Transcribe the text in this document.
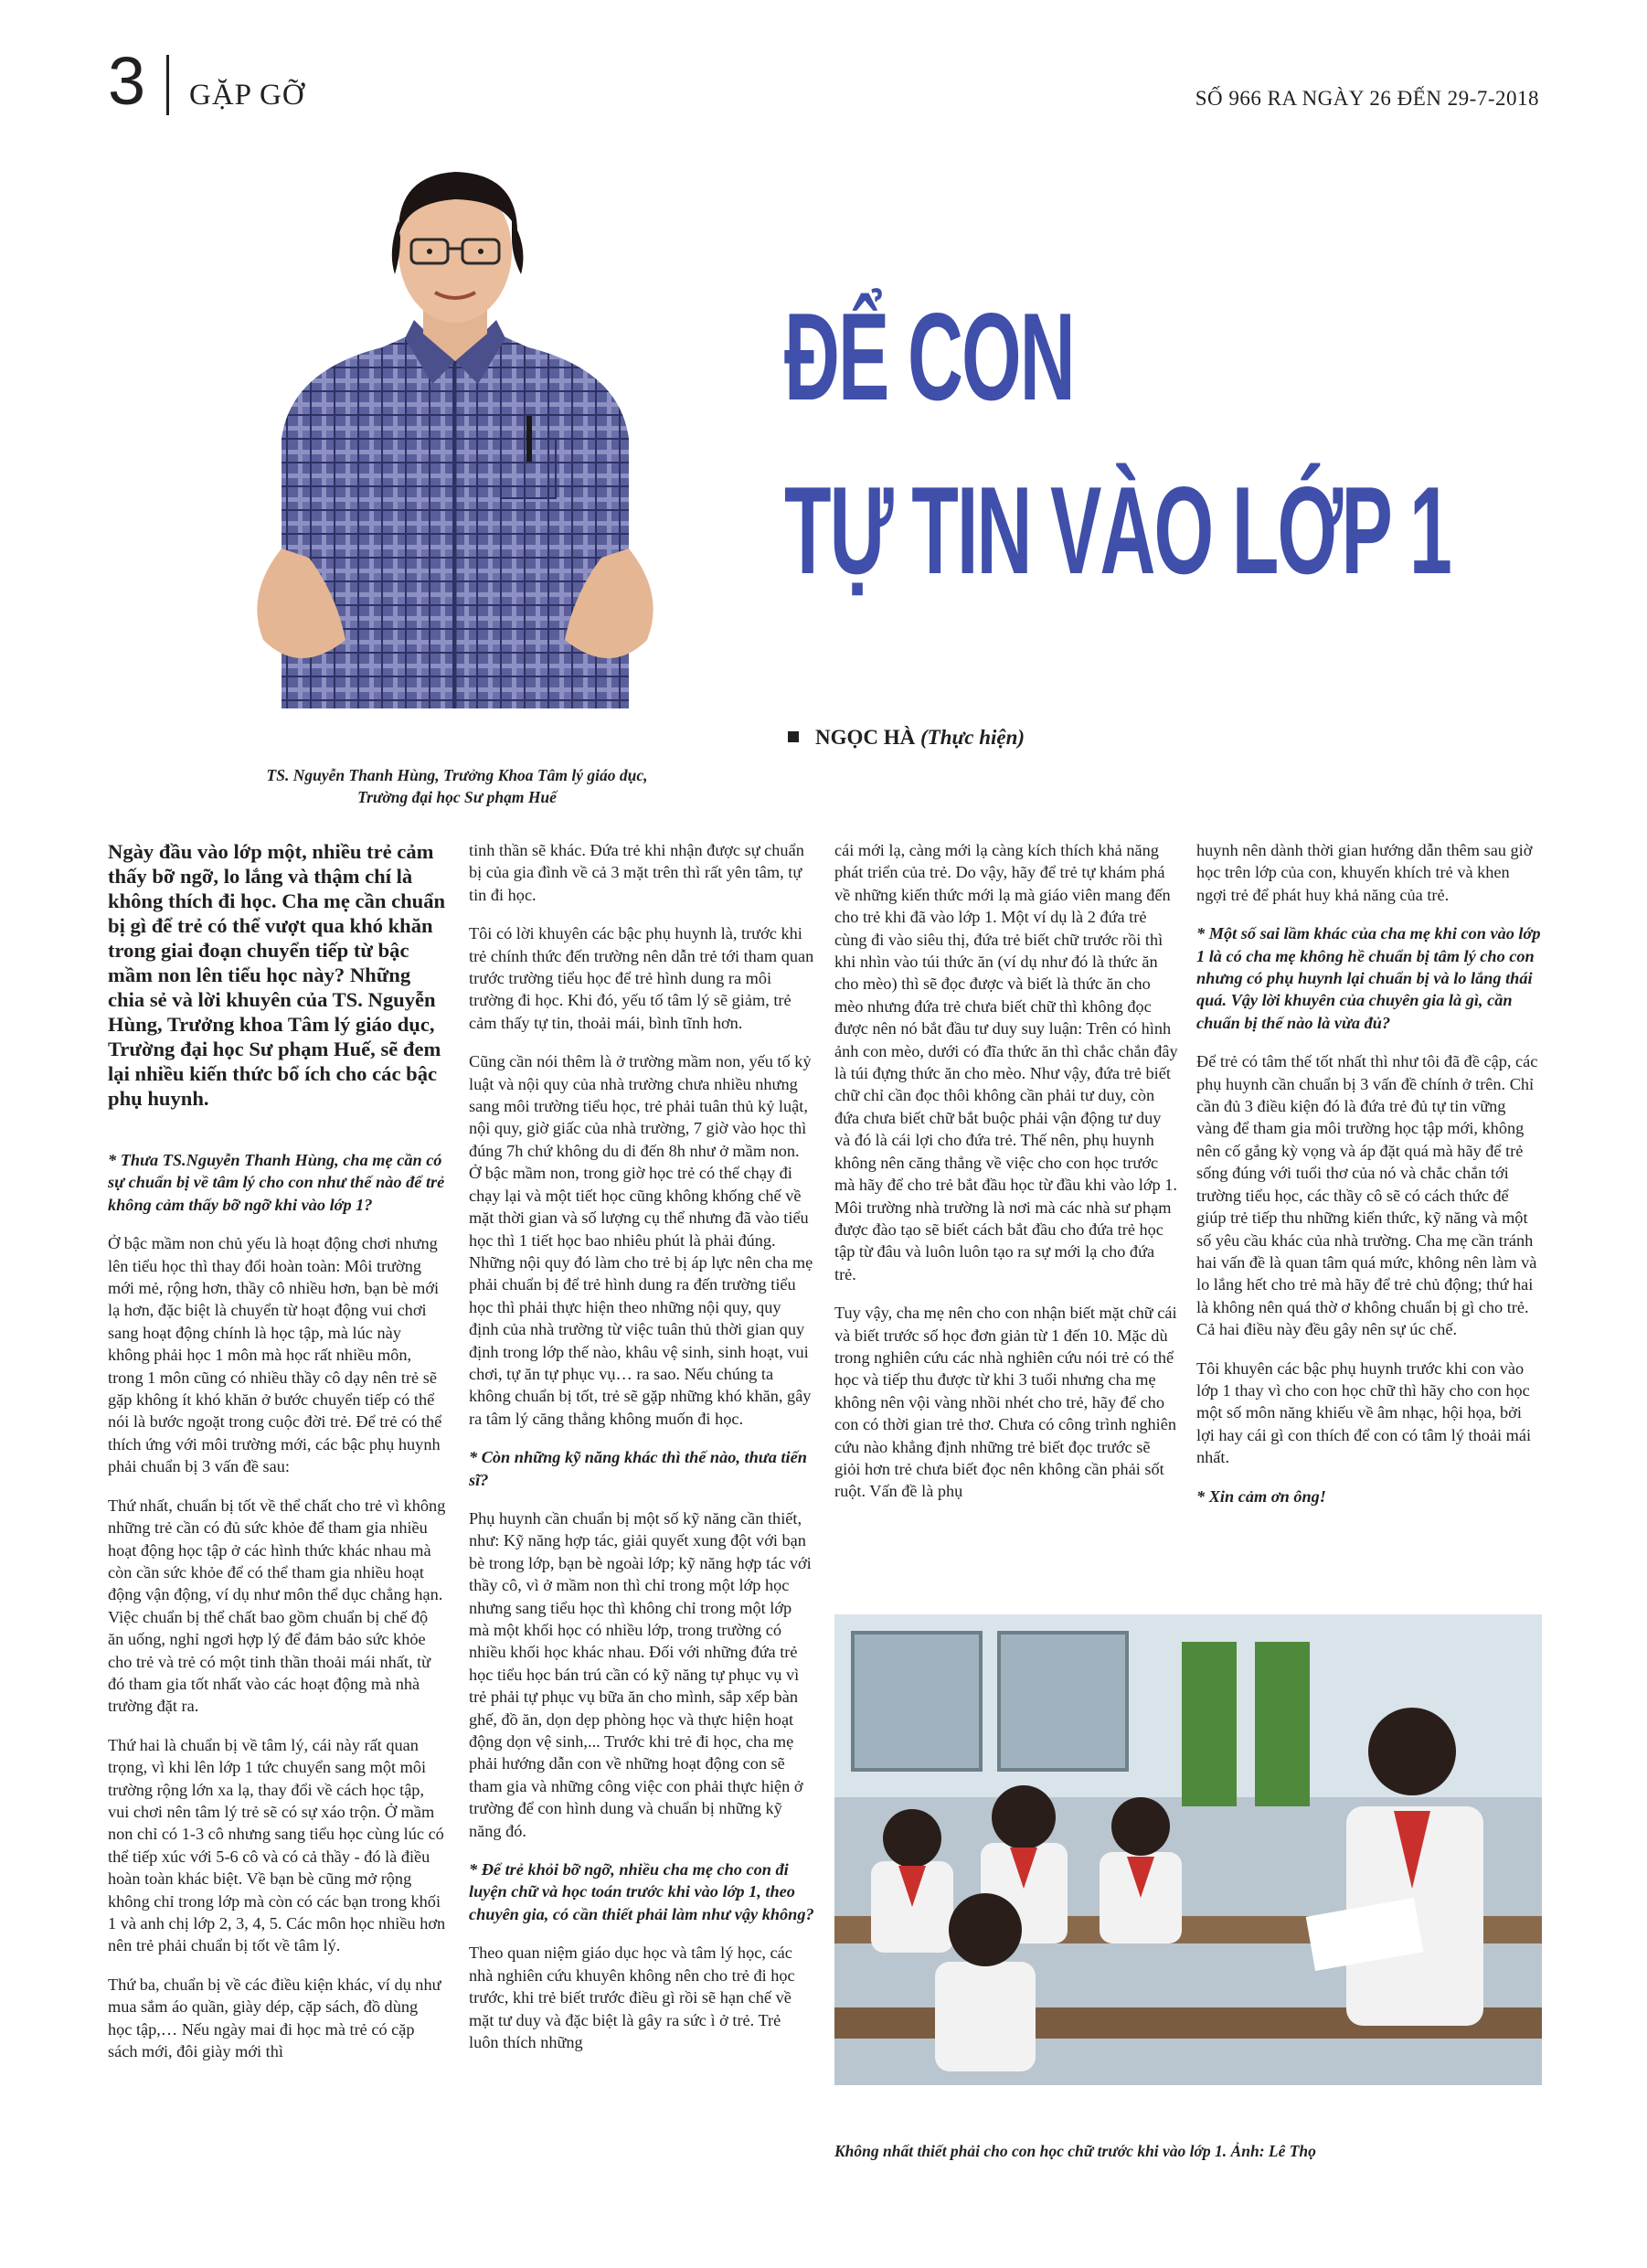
3 GẶP GỠ	SỐ 966 RA NGÀY 26 ĐẾN 29-7-2018
TS. Nguyễn Thanh Hùng, Trưởng Khoa Tâm lý giáo dục,
Trường đại học Sư phạm Huế
ĐỂ CON
TỰ TIN VÀO LỚP 1
NGỌC HÀ (Thực hiện)

Ngày đầu vào lớp một, nhiều trẻ cảm thấy bỡ ngỡ, lo lắng và thậm chí là không thích đi học. Cha mẹ cần chuẩn bị gì để trẻ có thể vượt qua khó khăn trong giai đoạn chuyển tiếp từ bậc mầm non lên tiểu học này? Những chia sẻ và lời khuyên của TS. Nguyễn Hùng, Trưởng khoa Tâm lý giáo dục, Trường đại học Sư phạm Huế, sẽ đem lại nhiều kiến thức bổ ích cho các bậc phụ huynh.

* Thưa TS.Nguyễn Thanh Hùng, cha mẹ cần có sự chuẩn bị về tâm lý cho con như thế nào để trẻ không cảm thấy bỡ ngỡ khi vào lớp 1?

Ở bậc mầm non chủ yếu là hoạt động chơi nhưng lên tiểu học thì thay đổi hoàn toàn: Môi trường mới mẻ, rộng hơn, thầy cô nhiều hơn, bạn bè mới lạ hơn, đặc biệt là chuyển từ hoạt động vui chơi sang hoạt động chính là học tập, mà lúc này không phải học 1 môn mà học rất nhiều môn, trong 1 môn cũng có nhiều thầy cô dạy nên trẻ sẽ gặp không ít khó khăn ở bước chuyển tiếp có thể nói là bước ngoặt trong cuộc đời trẻ. Để trẻ có thể thích ứng với môi trường mới, các bậc phụ huynh phải chuẩn bị 3 vấn đề sau:

Thứ nhất, chuẩn bị tốt về thể chất cho trẻ vì không những trẻ cần có đủ sức khỏe để tham gia nhiều hoạt động học tập ở các hình thức khác nhau mà còn cần sức khỏe để có thể tham gia nhiều hoạt động vận động, ví dụ như môn thể dục chẳng hạn. Việc chuẩn bị thể chất bao gồm chuẩn bị chế độ ăn uống, nghỉ ngơi hợp lý để đảm bảo sức khỏe cho trẻ và trẻ có một tinh thần thoải mái nhất, từ đó tham gia tốt nhất vào các hoạt động mà nhà trường đặt ra.

Thứ hai là chuẩn bị về tâm lý, cái này rất quan trọng, vì khi lên lớp 1 tức chuyển sang một môi trường rộng lớn xa lạ, thay đổi về cách học tập, vui chơi nên tâm lý trẻ sẽ có sự xáo trộn. Ở mầm non chỉ có 1-3 cô nhưng sang tiểu học cùng lúc có thể tiếp xúc với 5-6 cô và có cả thầy - đó là điều hoàn toàn khác biệt. Về bạn bè cũng mở rộng không chỉ trong lớp mà còn có các bạn trong khối 1 và anh chị lớp 2, 3, 4, 5. Các môn học nhiều hơn nên trẻ phải chuẩn bị tốt về tâm lý.

Thứ ba, chuẩn bị về các điều kiện khác, ví dụ như mua sắm áo quần, giày dép, cặp sách, đồ dùng học tập,… Nếu ngày mai đi học mà trẻ có cặp sách mới, đôi giày mới thì

tinh thần sẽ khác. Đứa trẻ khi nhận được sự chuẩn bị của gia đình về cả 3 mặt trên thì rất yên tâm, tự tin đi học.

Tôi có lời khuyên các bậc phụ huynh là, trước khi trẻ chính thức đến trường nên dẫn trẻ tới tham quan trước trường tiểu học để trẻ hình dung ra môi trường đi học. Khi đó, yếu tố tâm lý sẽ giảm, trẻ cảm thấy tự tin, thoải mái, bình tĩnh hơn.

Cũng cần nói thêm là ở trường mầm non, yếu tố kỷ luật và nội quy của nhà trường chưa nhiều nhưng sang môi trường tiểu học, trẻ phải tuân thủ kỷ luật, nội quy, giờ giấc của nhà trường, 7 giờ vào học thì đúng 7h chứ không du di đến 8h như ở mầm non. Ở bậc mầm non, trong giờ học trẻ có thể chạy đi chạy lại và một tiết học cũng không khống chế về mặt thời gian và số lượng cụ thể nhưng đã vào tiểu học thì 1 tiết học bao nhiêu phút là phải đúng. Những nội quy đó làm cho trẻ bị áp lực nên cha mẹ phải chuẩn bị để trẻ hình dung ra đến trường tiểu học thì phải thực hiện theo những nội quy, quy định của nhà trường từ việc tuân thủ thời gian quy định trong lớp thế nào, khâu vệ sinh, sinh hoạt, vui chơi, tự ăn tự phục vụ… ra sao. Nếu chúng ta không chuẩn bị tốt, trẻ sẽ gặp những khó khăn, gây ra tâm lý căng thẳng không muốn đi học.

* Còn những kỹ năng khác thì thế nào, thưa tiến sĩ?

Phụ huynh cần chuẩn bị một số kỹ năng cần thiết, như: Kỹ năng hợp tác, giải quyết xung đột với bạn bè trong lớp, bạn bè ngoài lớp; kỹ năng hợp tác với thầy cô, vì ở mầm non thì chỉ trong một lớp học nhưng sang tiểu học thì không chỉ trong một lớp mà một khối học có nhiều lớp, trong trường có nhiều khối học khác nhau. Đối với những đứa trẻ học tiểu học bán trú cần có kỹ năng tự phục vụ vì trẻ phải tự phục vụ bữa ăn cho mình, sắp xếp bàn ghế, đồ ăn, dọn dẹp phòng học và thực hiện hoạt động dọn vệ sinh,... Trước khi trẻ đi học, cha mẹ phải hướng dẫn con về những hoạt động con sẽ tham gia và những công việc con phải thực hiện ở trường để con hình dung và chuẩn bị những kỹ năng đó.

* Để trẻ khỏi bỡ ngỡ, nhiều cha mẹ cho con đi luyện chữ và học toán trước khi vào lớp 1, theo chuyên gia, có cần thiết phải làm như vậy không?

Theo quan niệm giáo dục học và tâm lý học, các nhà nghiên cứu khuyên không nên cho trẻ đi học trước, khi trẻ biết trước điều gì rồi sẽ hạn chế về mặt tư duy và đặc biệt là gây ra sức ì ở trẻ. Trẻ luôn thích những

cái mới lạ, càng mới lạ càng kích thích khả năng phát triển của trẻ. Do vậy, hãy để trẻ tự khám phá về những kiến thức mới lạ mà giáo viên mang đến cho trẻ khi đã vào lớp 1. Một ví dụ là 2 đứa trẻ cùng đi vào siêu thị, đứa trẻ biết chữ trước rồi thì khi nhìn vào túi thức ăn (ví dụ như đó là thức ăn cho mèo) thì sẽ đọc được và biết là thức ăn cho mèo nhưng đứa trẻ chưa biết chữ thì không đọc được nên nó bắt đầu tư duy suy luận: Trên có hình ảnh con mèo, dưới có đĩa thức ăn thì chắc chắn đây là túi đựng thức ăn cho mèo. Như vậy, đứa trẻ biết chữ chỉ cần đọc thôi không cần phải tư duy, còn đứa chưa biết chữ bắt buộc phải vận động tư duy và đó là cái lợi cho đứa trẻ. Thế nên, phụ huynh không nên căng thẳng về việc cho con học trước mà hãy để cho trẻ bắt đầu học từ đầu khi vào lớp 1. Môi trường nhà trường là nơi mà các nhà sư phạm được đào tạo sẽ biết cách bắt đầu cho đứa trẻ học tập từ đâu và luôn luôn tạo ra sự mới lạ cho đứa trẻ.

Tuy vậy, cha mẹ nên cho con nhận biết mặt chữ cái và biết trước số học đơn giản từ 1 đến 10. Mặc dù trong nghiên cứu các nhà nghiên cứu nói trẻ có thể học và tiếp thu được từ khi 3 tuổi nhưng cha mẹ không nên vội vàng nhồi nhét cho trẻ, hãy để cho con có thời gian trẻ thơ. Chưa có công trình nghiên cứu nào khẳng định những trẻ biết đọc trước sẽ giỏi hơn trẻ chưa biết đọc nên không cần phải sốt ruột. Vấn đề là phụ

huynh nên dành thời gian hướng dẫn thêm sau giờ học trên lớp của con, khuyến khích trẻ và khen ngợi trẻ để phát huy khả năng của trẻ.

* Một số sai lầm khác của cha mẹ khi con vào lớp 1 là có cha mẹ không hề chuẩn bị tâm lý cho con nhưng có phụ huynh lại chuẩn bị và lo lắng thái quá. Vậy lời khuyên của chuyên gia là gì, cần chuẩn bị thế nào là vừa đủ?

Để trẻ có tâm thế tốt nhất thì như tôi đã đề cập, các phụ huynh cần chuẩn bị 3 vấn đề chính ở trên. Chỉ cần đủ 3 điều kiện đó là đứa trẻ đủ tự tin vững vàng để tham gia môi trường học tập mới, không nên cố gắng kỳ vọng và áp đặt quá mà hãy để trẻ sống đúng với tuổi thơ của nó và chắc chắn tới trường tiểu học, các thầy cô sẽ có cách thức để giúp trẻ tiếp thu những kiến thức, kỹ năng và một số yêu cầu khác của nhà trường. Cha mẹ cần tránh hai vấn đề là quan tâm quá mức, không nên làm và lo lắng hết cho trẻ mà hãy để trẻ chủ động; thứ hai là không nên quá thờ ơ không chuẩn bị gì cho trẻ. Cả hai điều này đều gây nên sự úc chế.

Tôi khuyên các bậc phụ huynh trước khi con vào lớp 1 thay vì cho con học chữ thì hãy cho con học một số môn năng khiếu về âm nhạc, hội họa, bởi lợi hay cái gì con thích để con có tâm lý thoải mái nhất.

* Xin cảm ơn ông!

Không nhất thiết phải cho con học chữ trước khi vào lớp 1. Ảnh: Lê Thọ
